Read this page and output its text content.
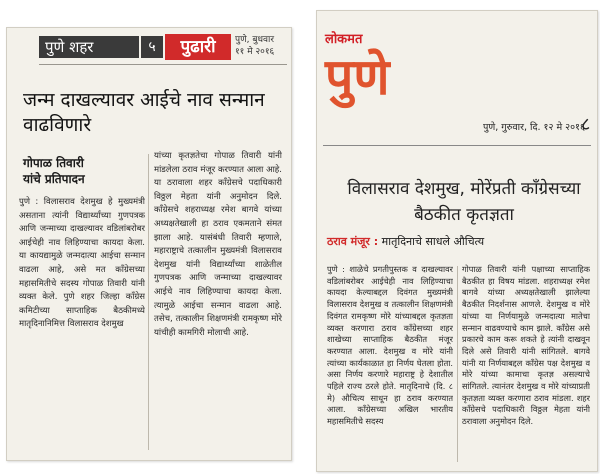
पुणे शहर	५	पुढारी	पुणे, बुधवार
११ मे २०१६
जन्म दाखल्यावर आईचे नाव सन्मान वाढविणारे
गोपाळ तिवारी
यांचे प्रतिपादन

पुणे : विलासराव देशमुख हे मुख्यमंत्री असताना त्यांनी विद्यार्थ्यांच्या गुणपत्रक आणि जन्माच्या दाखल्यावर वडिलांबरोबर आईचेही नाव लिहिण्याचा कायदा केला. या कायद्यामुळे जन्मदात्या आईचा सन्मान वाढला आहे, असे मत काँग्रेसच्या महासमितीचे सदस्य गोपाळ तिवारी यांनी व्यक्त केले. पुणे शहर जिल्हा काँग्रेस कमिटीच्या साप्ताहिक बैठकीमध्ये मातृदिनानिमित्त विलासराव देशमुख

यांच्या कृतज्ञतेचा गोपाळ तिवारी यांनी मांडलेला ठराव मंजूर करण्यात आला आहे. या ठरावाला शहर काँग्रेसचे पदाधिकारी विठ्ठल मेहता यांनी अनुमोदन दिले. काँग्रेसचे शहराध्यक्ष रमेश बागवे यांच्या अध्यक्षतेखाली हा ठराव एकमताने संमत झाला आहे. यासंबंधी तिवारी म्हणाले, महाराष्ट्राचे तत्कालीन मुख्यमंत्री विलासराव देशमुख यांनी विद्यार्थ्यांच्या शाळेतील गुणपत्रक आणि जन्माच्या दाखल्यावर आईचे नाव लिहिण्याचा कायदा केला. त्यामुळे आईचा सन्मान वाढला आहे. तसेच, तत्कालीन शिक्षणमंत्री रामकृष्ण मोरे यांचीही कामगिरी मोलाची आहे.

लोकमत
पुणे
पुणे, गुरुवार, दि. १२ मे २०१६
८
विलासराव देशमुख, मोरेंप्रती काँग्रेसच्या बैठकीत कृतज्ञता
ठराव मंजूर : मातृदिनाचे साधले औचित्य

पुणे : शाळेचे प्रगतीपुस्तक व दाखल्यावर वडिलांबरोबर आईचेही नाव लिहिण्याचा कायदा केल्याबद्दल दिवंगत मुख्यमंत्री विलासराव देशमुख व तत्कालीन शिक्षणमंत्री दिवंगत रामकृष्ण मोरे यांच्याबद्दल कृतज्ञता व्यक्त करणारा ठराव काँग्रेसच्या शहर शाखेच्या साप्ताहिक बैठकीत मंजूर करण्यात आला. देशमुख व मोरे यांनी त्यांच्या कार्यकाळात हा निर्णय घेतला होता. असा निर्णय करणारे महाराष्ट्र हे देशातील पहिले राज्य ठरले होते. मातृदिनाचे (दि. ८ मे) औचित्य साधून हा ठराव करण्यात आला. काँग्रेसच्या अखिल भारतीय महासमितीचे सदस्य

गोपाळ तिवारी यांनी पक्षाच्या साप्ताहिक बैठकीत हा विषय मांडला. शहराध्यक्ष रमेश बागवे यांच्या अध्यक्षतेखाली झालेल्या बैठकीत निदर्शनास आणले. देशमुख व मोरे यांच्या या निर्णयामुळे जन्मदात्या मातेचा सन्मान वाढवण्याचे काम झाले. काँग्रेस असे प्रकारचे काम करू शकते हे त्यांनी दाखवून दिले असे तिवारी यांनी सांगितले. बागवे यांनी या निर्णयाबद्दल काँग्रेस पक्ष देशमुख व मोरे यांच्या कामाचा कृतज्ञ असल्याचे सांगितले. त्यानंतर देशमुख व मोरे यांच्याप्रती कृतज्ञता व्यक्त करणारा ठराव मांडला. शहर काँग्रेसचे पदाधिकारी विठ्ठल मेहता यांनी ठरावाला अनुमोदन दिले.
